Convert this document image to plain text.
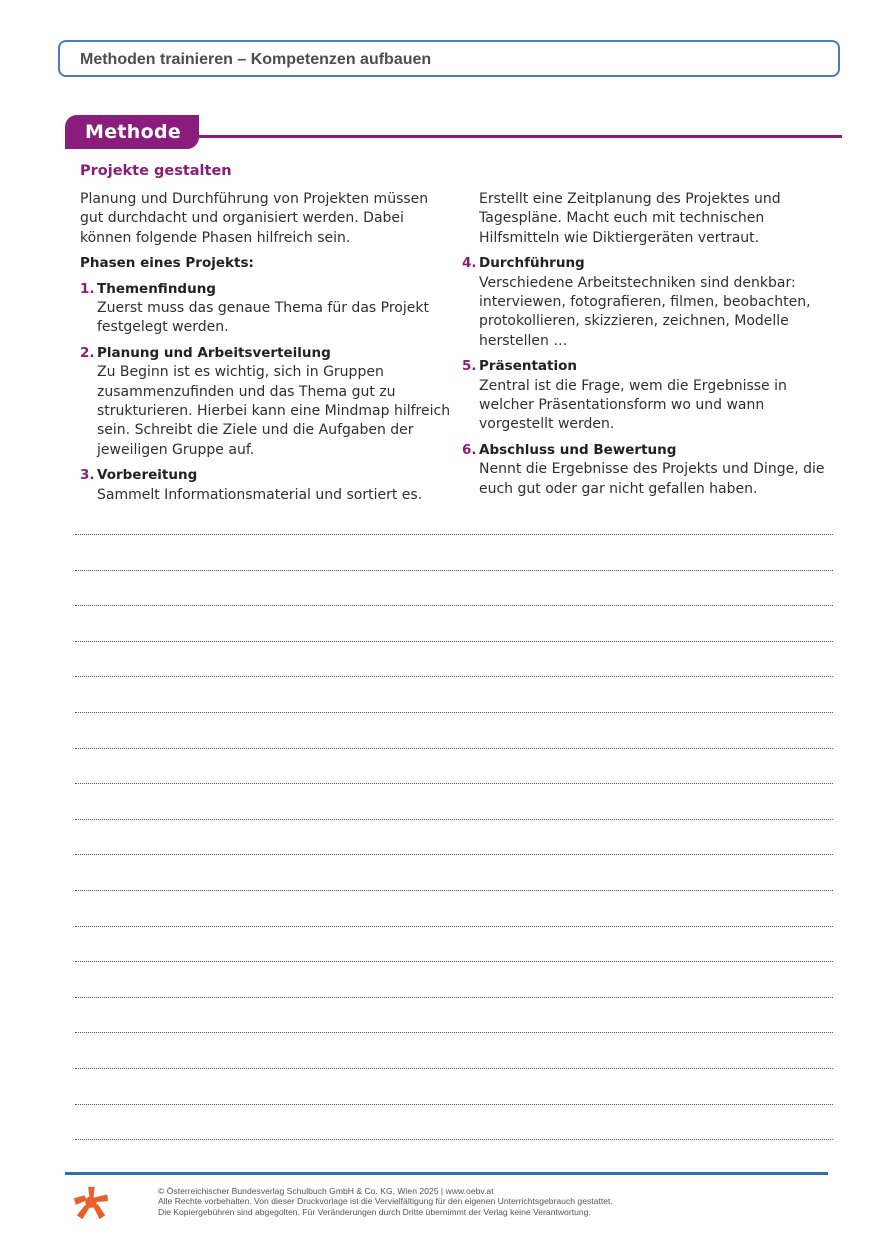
Methoden trainieren – Kompetenzen aufbauen
Methode
Projekte gestalten

Planung und Durchführung von Projekten müssen gut durchdacht und organisiert werden. Dabei können folgende Phasen hilfreich sein.

Phasen eines Projekts:

1. Themenfindung
Zuerst muss das genaue Thema für das Projekt festgelegt werden.
2. Planung und Arbeitsverteilung
Zu Beginn ist es wichtig, sich in Gruppen zusammenzufinden und das Thema gut zu strukturieren. Hierbei kann eine Mindmap hilfreich sein. Schreibt die Ziele und die Aufgaben der jeweiligen Gruppe auf.
3. Vorbereitung
Sammelt Informationsmaterial und sortiert es.
Erstellt eine Zeitplanung des Projektes und Tagespläne. Macht euch mit technischen Hilfsmitteln wie Diktiergeräten vertraut.
4. Durchführung
Verschiedene Arbeitstechniken sind denkbar: interviewen, fotografieren, filmen, beobachten, protokollieren, skizzieren, zeichnen, Modelle herstellen …
5. Präsentation
Zentral ist die Frage, wem die Ergebnisse in welcher Präsentationsform wo und wann vorgestellt werden.
6. Abschluss und Bewertung
Nennt die Ergebnisse des Projekts und Dinge, die euch gut oder gar nicht gefallen haben.
© Österreichischer Bundesverlag Schulbuch GmbH & Co. KG, Wien 2025 | www.oebv.at
Alle Rechte vorbehalten. Von dieser Druckvorlage ist die Vervielfältigung für den eigenen Unterrichtsgebrauch gestattet.
Die Kopiergebühren sind abgegolten. Für Veränderungen durch Dritte übernimmt der Verlag keine Verantwortung.
